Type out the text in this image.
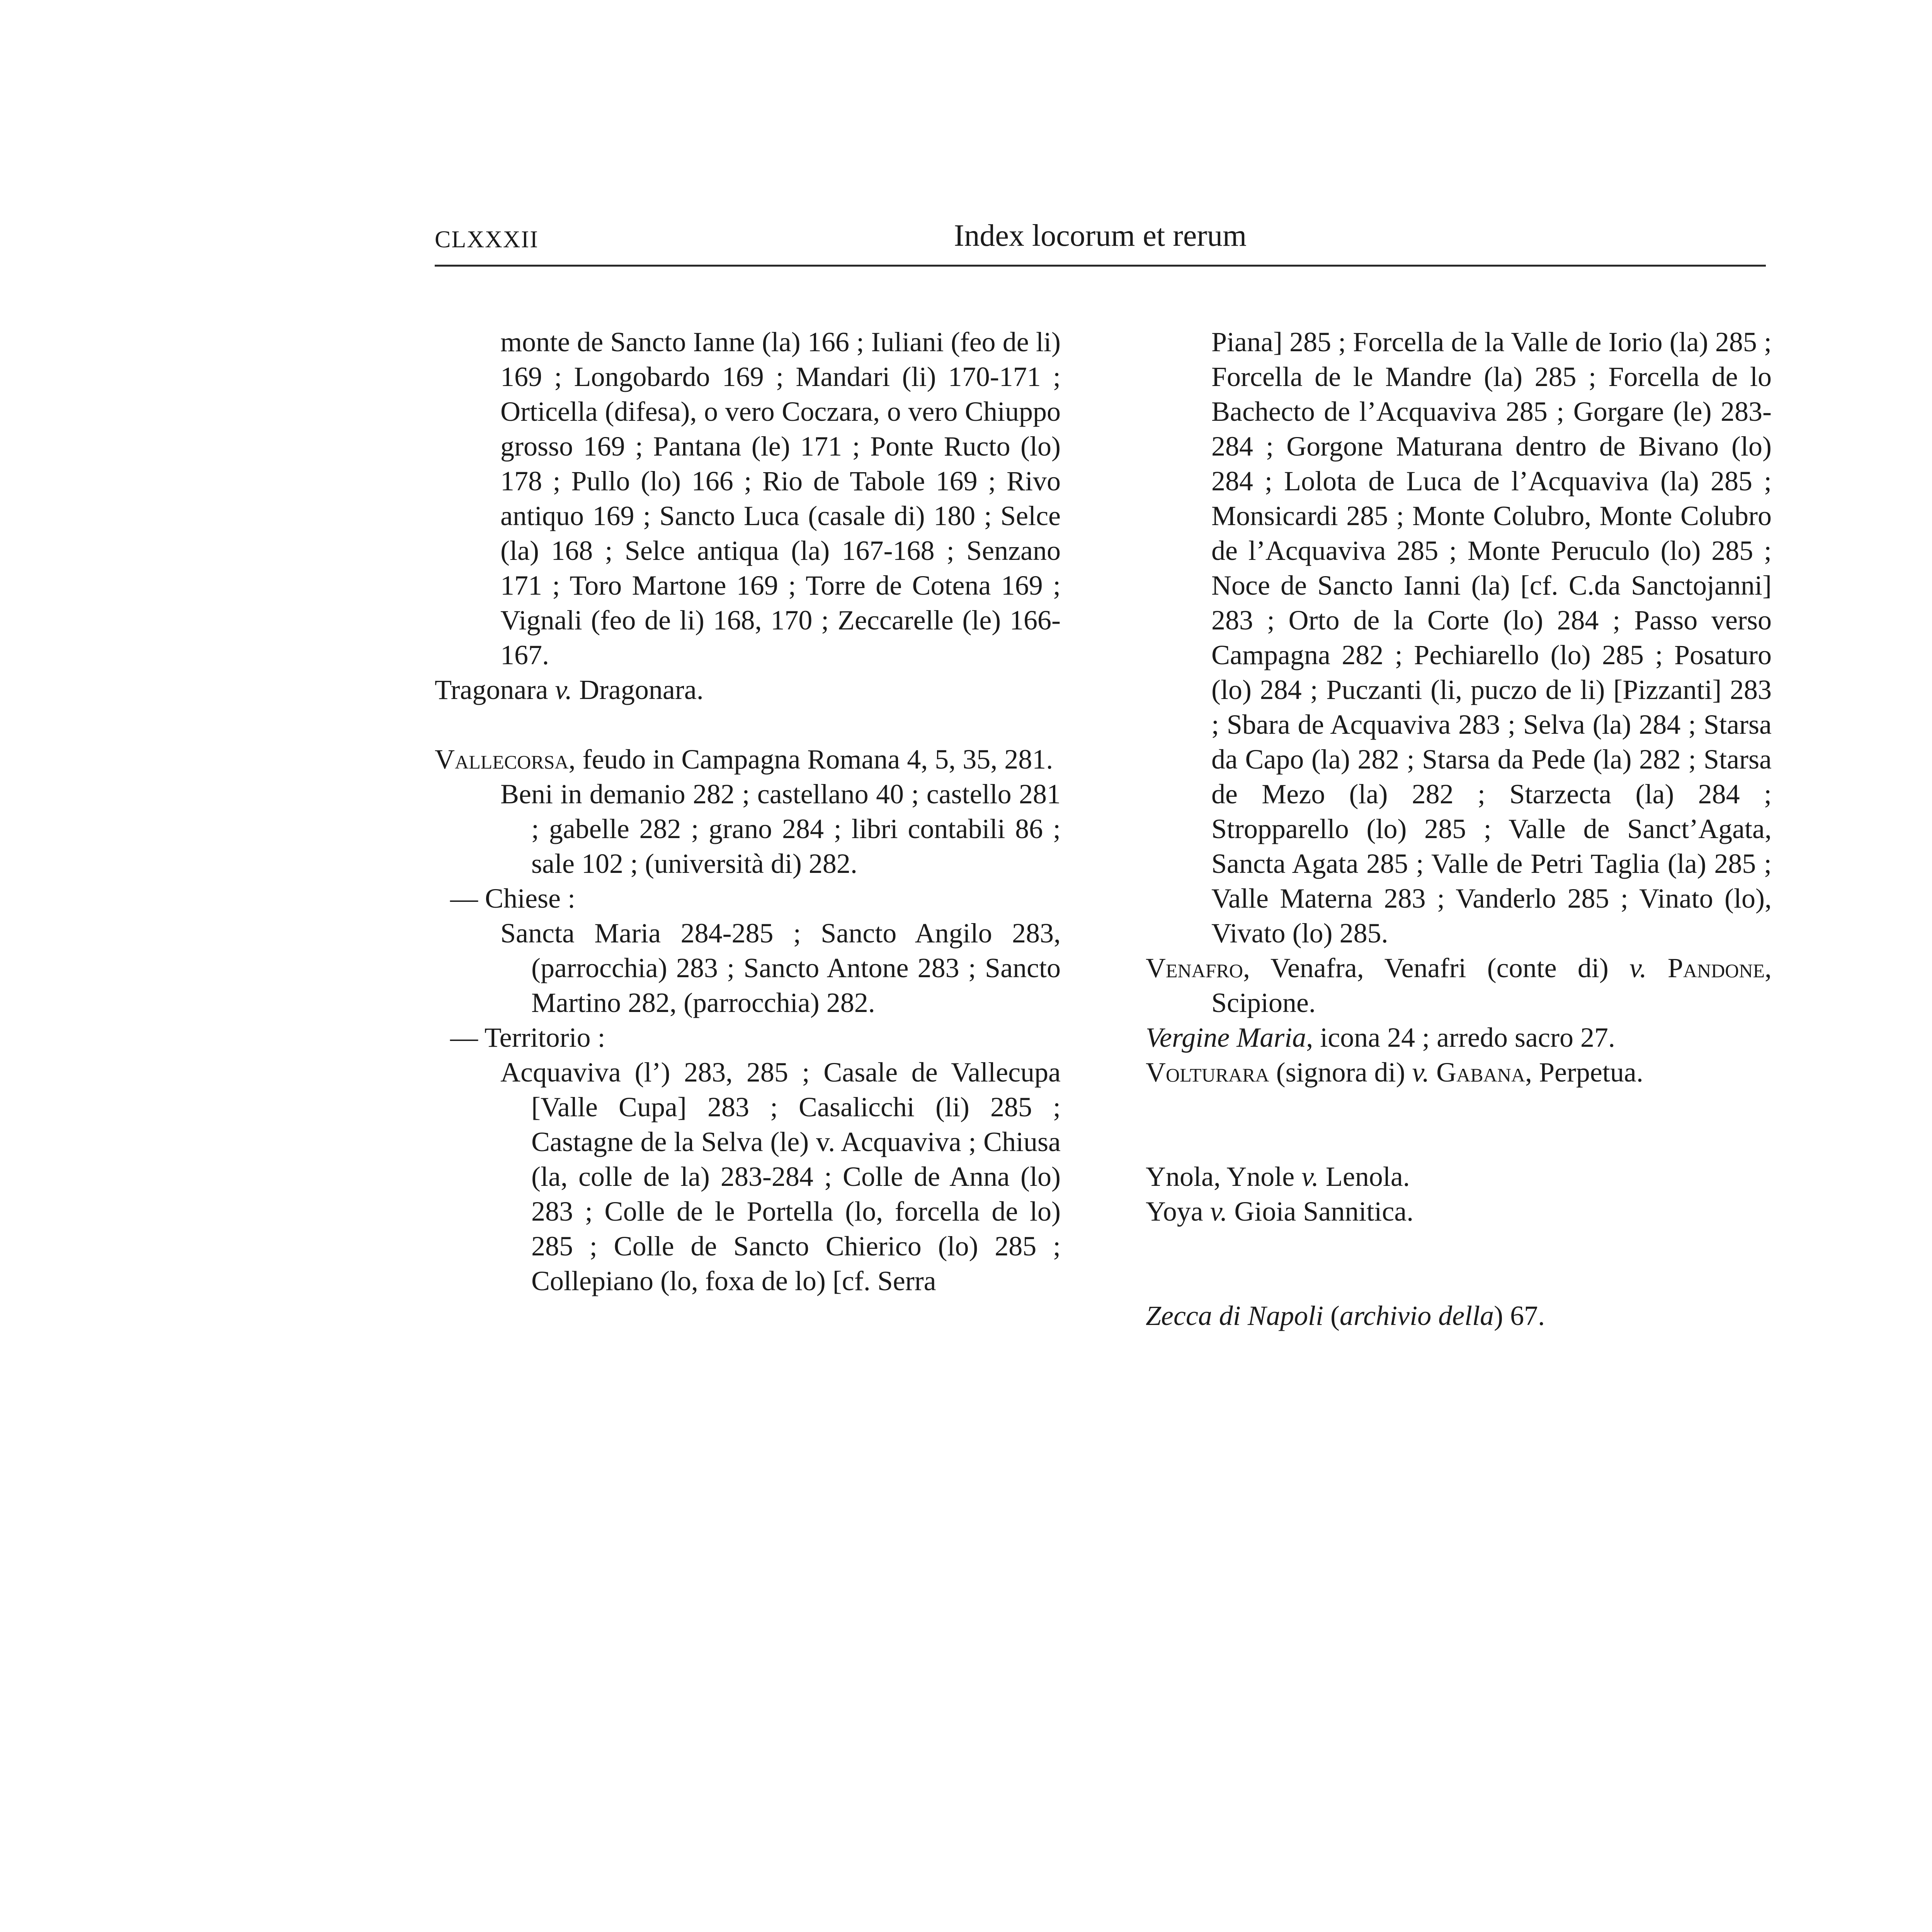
CLXXXII	Index locorum et rerum

monte de Sancto Ianne (la) 166 ; Iuliani (feo de li) 169 ; Longobardo 169 ; Mandari (li) 170-171 ; Orticella (difesa), o vero Coczara, o vero Chiuppo grosso 169 ; Pantana (le) 171 ; Ponte Ructo (lo) 178 ; Pullo (lo) 166 ; Rio de Tabole 169 ; Rivo antiquo 169 ; Sancto Luca (casale di) 180 ; Selce (la) 168 ; Selce antiqua (la) 167-168 ; Senzano 171 ; Toro Martone 169 ; Torre de Cotena 169 ; Vignali (feo de li) 168, 170 ; Zeccarelle (le) 166-167.

Tragonara v. Dragonara.

Vallecorsa, feudo in Campagna Romana 4, 5, 35, 281.

Beni in demanio 282 ; castellano 40 ; castello 281 ; gabelle 282 ; grano 284 ; libri contabili 86 ; sale 102 ; (università di) 282.

— Chiese :

Sancta Maria 284-285 ; Sancto Angilo 283, (parrocchia) 283 ; Sancto Antone 283 ; Sancto Martino 282, (parrocchia) 282.

— Territorio :

Acquaviva (l’) 283, 285 ; Casale de Vallecupa [Valle Cupa] 283 ; Casalicchi (li) 285 ; Castagne de la Selva (le) v. Acquaviva ; Chiusa (la, colle de la) 283-284 ; Colle de Anna (lo) 283 ; Colle de le Portella (lo, forcella de lo) 285 ; Colle de Sancto Chierico (lo) 285 ; Collepiano (lo, foxa de lo) [cf. Serra

Piana] 285 ; Forcella de la Valle de Iorio (la) 285 ; Forcella de le Mandre (la) 285 ; Forcella de lo Bachecto de l’Acquaviva 285 ; Gorgare (le) 283-284 ; Gorgone Maturana dentro de Bivano (lo) 284 ; Lolota de Luca de l’Acquaviva (la) 285 ; Monsicardi 285 ; Monte Colubro, Monte Colubro de l’Acquaviva 285 ; Monte Peruculo (lo) 285 ; Noce de Sancto Ianni (la) [cf. C.da Sanctojanni] 283 ; Orto de la Corte (lo) 284 ; Passo verso Campagna 282 ; Pechiarello (lo) 285 ; Posaturo (lo) 284 ; Puczanti (li, puczo de li) [Pizzanti] 283 ; Sbara de Acquaviva 283 ; Selva (la) 284 ; Starsa da Capo (la) 282 ; Starsa da Pede (la) 282 ; Starsa de Mezo (la) 282 ; Starzecta (la) 284 ; Stropparello (lo) 285 ; Valle de Sanct’Agata, Sancta Agata 285 ; Valle de Petri Taglia (la) 285 ; Valle Materna 283 ; Vanderlo 285 ; Vinato (lo), Vivato (lo) 285.

Venafro, Venafra, Venafri (conte di) v. Pandone, Scipione.

Vergine Maria, icona 24 ; arredo sacro 27.

Volturara (signora di) v. Gabana, Perpetua.

Ynola, Ynole v. Lenola.

Yoya v. Gioia Sannitica.

Zecca di Napoli (archivio della) 67.
